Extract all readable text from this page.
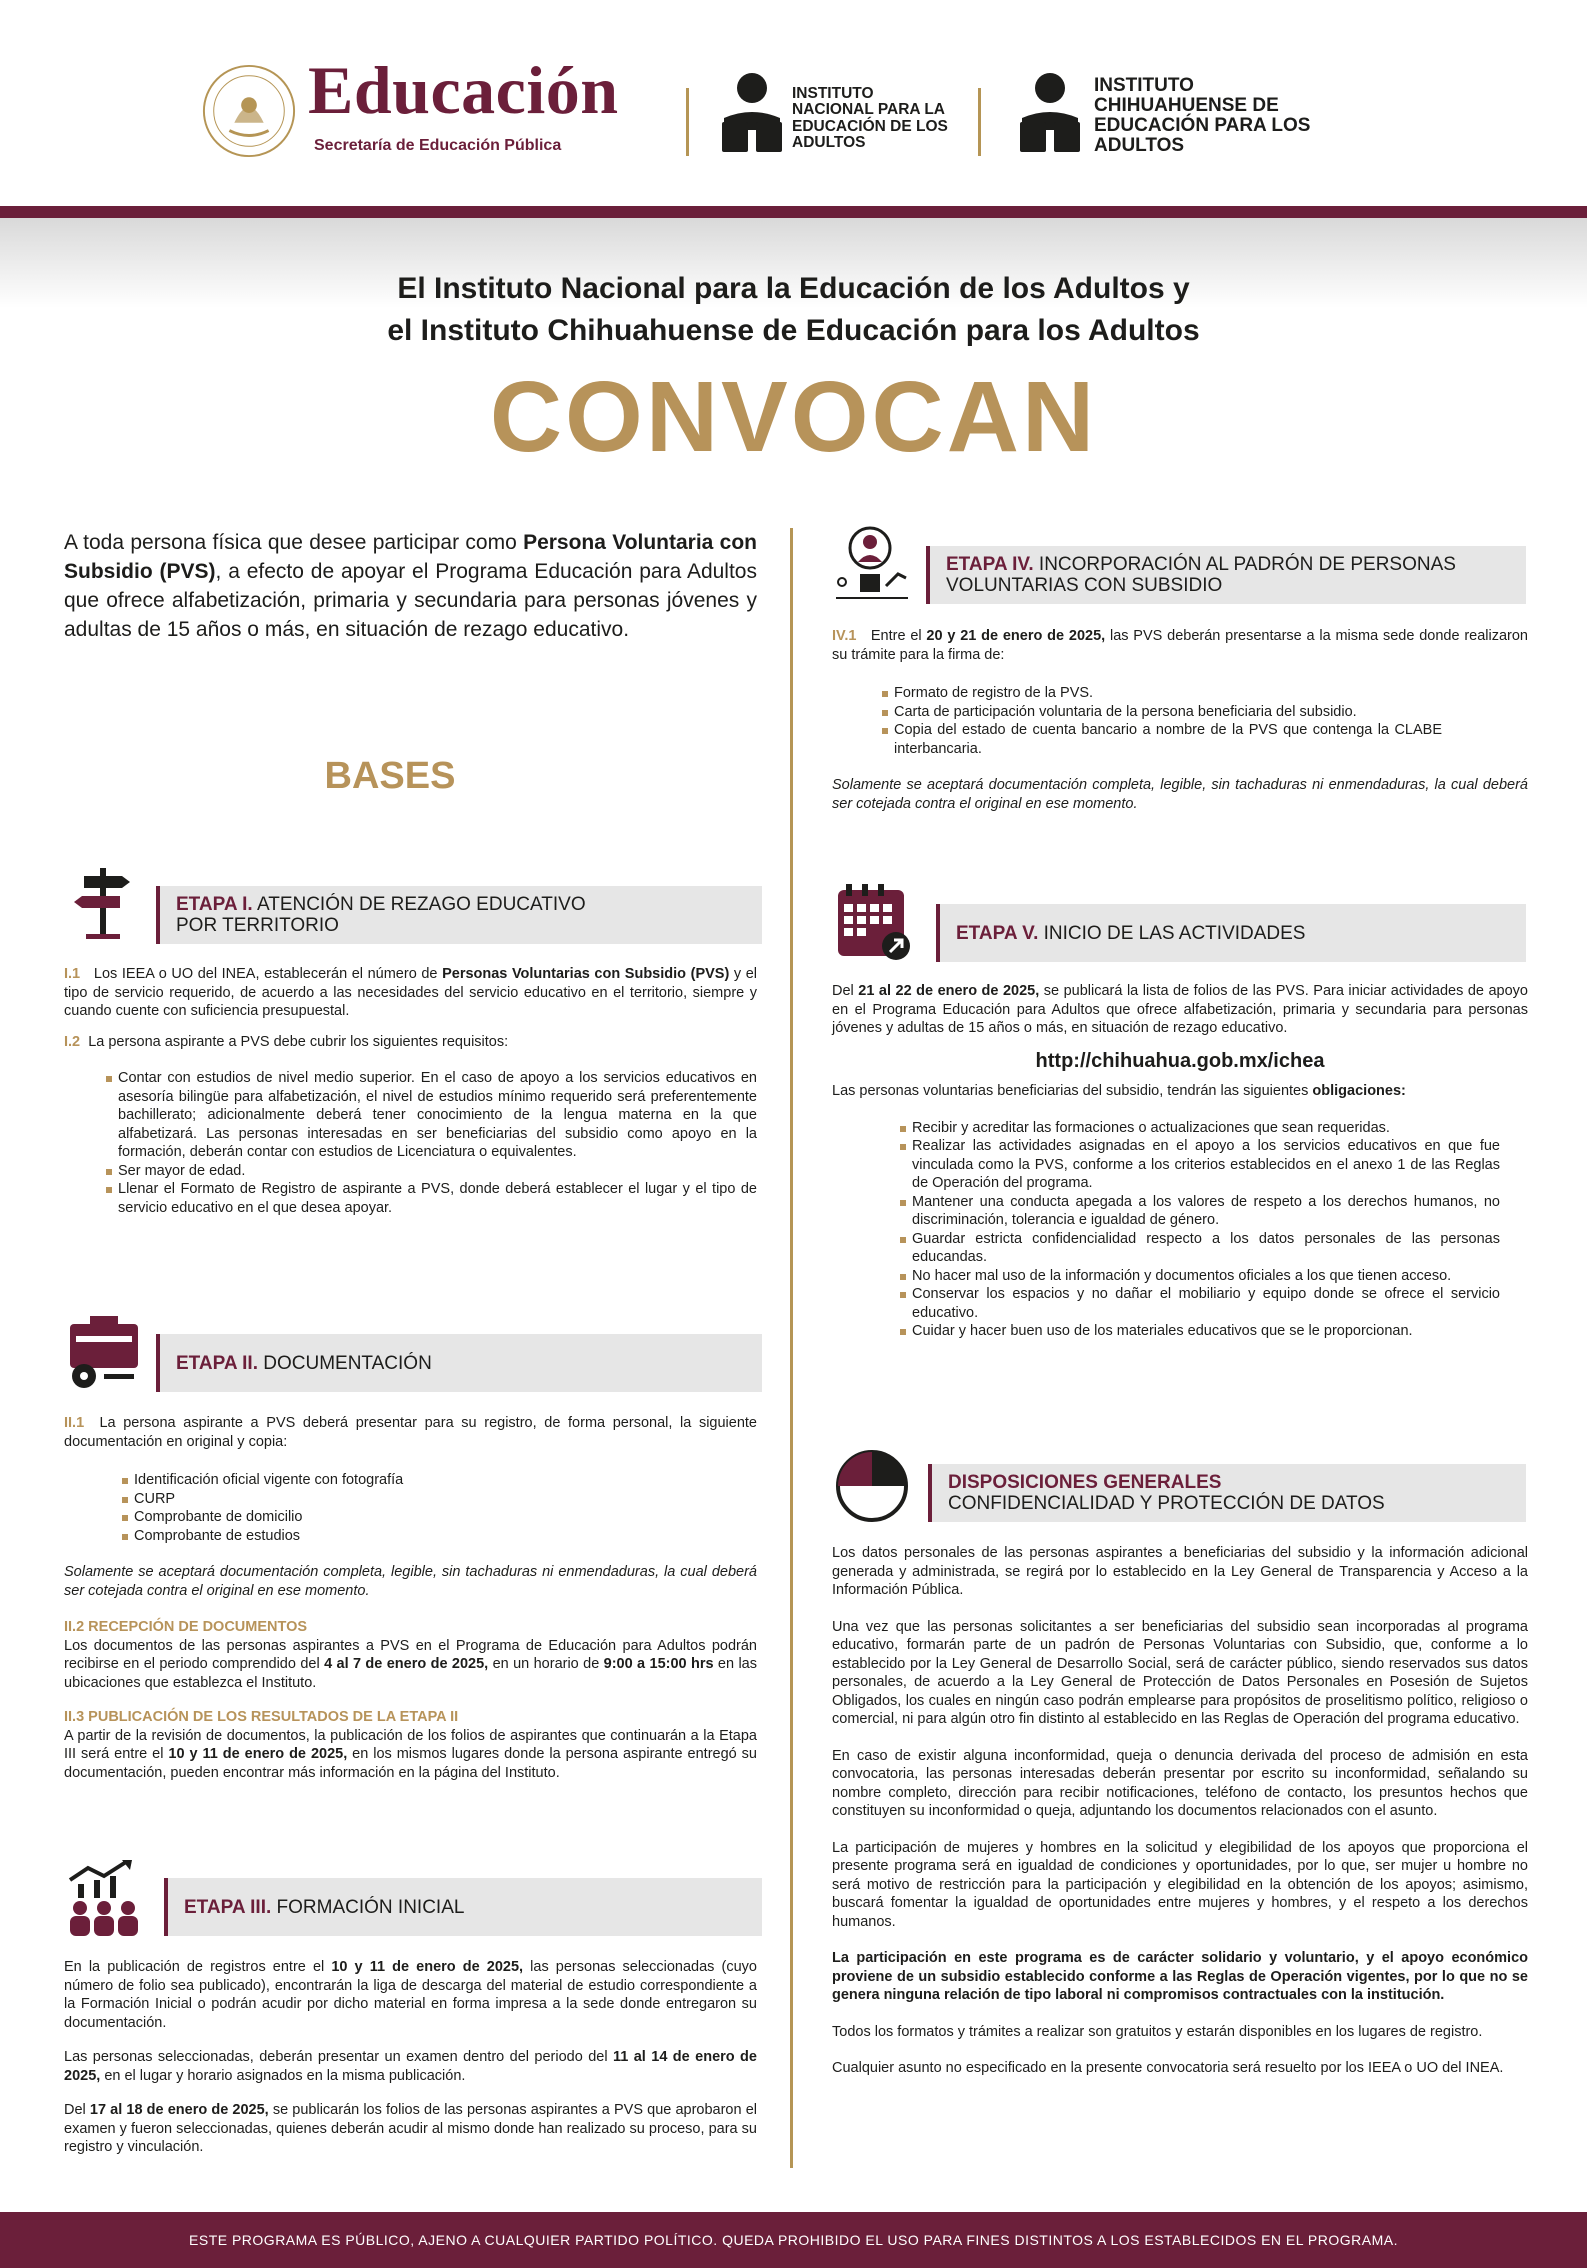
Educación
Secretaría de Educación Pública
INSTITUTO NACIONAL PARA LA EDUCACIÓN DE LOS ADULTOS
INSTITUTO CHIHUAHUENSE DE EDUCACIÓN PARA LOS ADULTOS
El Instituto Nacional para la Educación de los Adultos y
el Instituto Chihuahuense de Educación para los Adultos
CONVOCAN
A toda persona física que desee participar como Persona Voluntaria con Subsidio (PVS), a efecto de apoyar el Programa Educación para Adultos que ofrece alfabetización, primaria y secundaria para personas jóvenes y adultas de 15 años o más, en situación de rezago educativo.
BASES
ETAPA I. ATENCIÓN DE REZAGO EDUCATIVO
POR TERRITORIO

I.1 Los IEEA o UO del INEA, establecerán el número de Personas Voluntarias con Subsidio (PVS) y el tipo de servicio requerido, de acuerdo a las necesidades del servicio educativo en el territorio, siempre y cuando cuente con suficiencia presupuestal.

I.2 La persona aspirante a PVS debe cubrir los siguientes requisitos:

Contar con estudios de nivel medio superior. En el caso de apoyo a los servicios educativos en asesoría bilingüe para alfabetización, el nivel de estudios mínimo requerido será preferentemente bachillerato; adicionalmente deberá tener conocimiento de la lengua materna en la que alfabetizará. Las personas interesadas en ser beneficiarias del subsidio como apoyo en la formación, deberán contar con estudios de Licenciatura o equivalentes.
Ser mayor de edad.
Llenar el Formato de Registro de aspirante a PVS, donde deberá establecer el lugar y el tipo de servicio educativo en el que desea apoyar.
ETAPA II. DOCUMENTACIÓN

II.1 La persona aspirante a PVS deberá presentar para su registro, de forma personal, la siguiente documentación en original y copia:

Identificación oficial vigente con fotografía
CURP
Comprobante de domicilio
Comprobante de estudios

Solamente se aceptará documentación completa, legible, sin tachaduras ni enmendaduras, la cual deberá ser cotejada contra el original en ese momento.

II.2 RECEPCIÓN DE DOCUMENTOS

Los documentos de las personas aspirantes a PVS en el Programa de Educación para Adultos podrán recibirse en el periodo comprendido del 4 al 7 de enero de 2025, en un horario de 9:00 a 15:00 hrs en las ubicaciones que establezca el Instituto.

II.3 PUBLICACIÓN DE LOS RESULTADOS DE LA ETAPA II

A partir de la revisión de documentos, la publicación de los folios de aspirantes que continuarán a la Etapa III será entre el 10 y 11 de enero de 2025, en los mismos lugares donde la persona aspirante entregó su documentación, pueden encontrar más información en la página del Instituto.

ETAPA III. FORMACIÓN INICIAL

En la publicación de registros entre el 10 y 11 de enero de 2025, las personas seleccionadas (cuyo número de folio sea publicado), encontrarán la liga de descarga del material de estudio correspondiente a la Formación Inicial o podrán acudir por dicho material en forma impresa a la sede donde entregaron su documentación.

Las personas seleccionadas, deberán presentar un examen dentro del periodo del 11 al 14 de enero de 2025, en el lugar y horario asignados en la misma publicación.

Del 17 al 18 de enero de 2025, se publicarán los folios de las personas aspirantes a PVS que aprobaron el examen y fueron seleccionadas, quienes deberán acudir al mismo donde han realizado su proceso, para su registro y vinculación.

ETAPA IV. INCORPORACIÓN AL PADRÓN DE PERSONAS
VOLUNTARIAS CON SUBSIDIO

IV.1 Entre el 20 y 21 de enero de 2025, las PVS deberán presentarse a la misma sede donde realizaron su trámite para la firma de:

Formato de registro de la PVS.
Carta de participación voluntaria de la persona beneficiaria del subsidio.
Copia del estado de cuenta bancario a nombre de la PVS que contenga la CLABE interbancaria.

Solamente se aceptará documentación completa, legible, sin tachaduras ni enmendaduras, la cual deberá ser cotejada contra el original en ese momento.

ETAPA V. INICIO DE LAS ACTIVIDADES

Del 21 al 22 de enero de 2025, se publicará la lista de folios de las PVS. Para iniciar actividades de apoyo en el Programa Educación para Adultos que ofrece alfabetización, primaria y secundaria para personas jóvenes y adultas de 15 años o más, en situación de rezago educativo.

http://chihuahua.gob.mx/ichea

Las personas voluntarias beneficiarias del subsidio, tendrán las siguientes obligaciones:

Recibir y acreditar las formaciones o actualizaciones que sean requeridas.
Realizar las actividades asignadas en el apoyo a los servicios educativos en que fue vinculada como la PVS, conforme a los criterios establecidos en el anexo 1 de las Reglas de Operación del programa.
Mantener una conducta apegada a los valores de respeto a los derechos humanos, no discriminación, tolerancia e igualdad de género.
Guardar estricta confidencialidad respecto a los datos personales de las personas educandas.
No hacer mal uso de la información y documentos oficiales a los que tienen acceso.
Conservar los espacios y no dañar el mobiliario y equipo donde se ofrece el servicio educativo.
Cuidar y hacer buen uso de los materiales educativos que se le proporcionan.
DISPOSICIONES GENERALES
CONFIDENCIALIDAD Y PROTECCIÓN DE DATOS

Los datos personales de las personas aspirantes a beneficiarias del subsidio y la información adicional generada y administrada, se regirá por lo establecido en la Ley General de Transparencia y Acceso a la Información Pública.

Una vez que las personas solicitantes a ser beneficiarias del subsidio sean incorporadas al programa educativo, formarán parte de un padrón de Personas Voluntarias con Subsidio, que, conforme a lo establecido por la Ley General de Desarrollo Social, será de carácter público, siendo reservados sus datos personales, de acuerdo a la Ley General de Protección de Datos Personales en Posesión de Sujetos Obligados, los cuales en ningún caso podrán emplearse para propósitos de proselitismo político, religioso o comercial, ni para algún otro fin distinto al establecido en las Reglas de Operación del programa educativo.

En caso de existir alguna inconformidad, queja o denuncia derivada del proceso de admisión en esta convocatoria, las personas interesadas deberán presentar por escrito su inconformidad, señalando su nombre completo, dirección para recibir notificaciones, teléfono de contacto, los presuntos hechos que constituyen su inconformidad o queja, adjuntando los documentos relacionados con el asunto.

La participación de mujeres y hombres en la solicitud y elegibilidad de los apoyos que proporciona el presente programa será en igualdad de condiciones y oportunidades, por lo que, ser mujer u hombre no será motivo de restricción para la participación y elegibilidad en la obtención de los apoyos; asimismo, buscará fomentar la igualdad de oportunidades entre mujeres y hombres, y el respeto a los derechos humanos.

La participación en este programa es de carácter solidario y voluntario, y el apoyo económico proviene de un subsidio establecido conforme a las Reglas de Operación vigentes, por lo que no se genera ninguna relación de tipo laboral ni compromisos contractuales con la institución.

Todos los formatos y trámites a realizar son gratuitos y estarán disponibles en los lugares de registro.

Cualquier asunto no especificado en la presente convocatoria será resuelto por los IEEA o UO del INEA.

ESTE PROGRAMA ES PÚBLICO, AJENO A CUALQUIER PARTIDO POLÍTICO. QUEDA PROHIBIDO EL USO PARA FINES DISTINTOS A LOS ESTABLECIDOS EN EL PROGRAMA.
